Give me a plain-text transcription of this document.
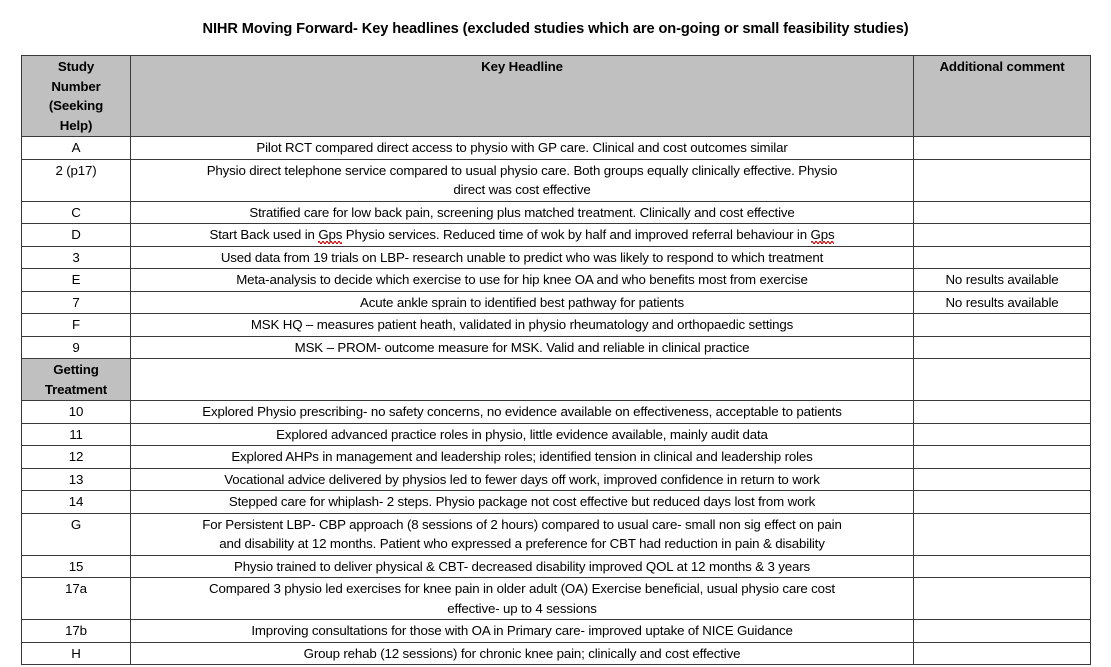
NIHR Moving Forward- Key headlines (excluded studies which are on-going or small feasibility studies)
Study
Number
(Seeking
Help)	Key Headline	Additional comment
A	Pilot RCT compared direct access to physio with GP care. Clinical and cost outcomes similar	
2 (p17)	Physio direct telephone service compared to usual physio care. Both groups equally clinically effective. Physio
direct was cost effective	

C	Stratified care for low back pain, screening plus matched treatment. Clinically and cost effective	
D	Start Back used in Gps Physio services. Reduced time of wok by half and improved referral behaviour in Gps	
3	Used data from 19 trials on LBP- research unable to predict who was likely to respond to which treatment	
E	Meta-analysis to decide which exercise to use for hip knee OA and who benefits most from exercise	No results available
7	Acute ankle sprain to identified best pathway for patients	No results available
F	MSK HQ – measures patient heath, validated in physio rheumatology and orthopaedic settings	
9	MSK – PROM- outcome measure for MSK. Valid and reliable in clinical practice	

Getting
Treatment		

10	Explored Physio prescribing- no safety concerns, no evidence available on effectiveness, acceptable to patients	
11	Explored advanced practice roles in physio, little evidence available, mainly audit data	
12	Explored AHPs in management and leadership roles; identified tension in clinical and leadership roles	
13	Vocational advice delivered by physios led to fewer days off work, improved confidence in return to work	
14	Stepped care for whiplash- 2 steps. Physio package not cost effective but reduced days lost from work	
G	For Persistent LBP- CBP approach (8 sessions of 2 hours) compared to usual care- small non sig effect on pain
and disability at 12 months. Patient who expressed a preference for CBT had reduction in pain & disability	

15	Physio trained to deliver physical & CBT- decreased disability improved QOL at 12 months & 3 years	
17a	Compared 3 physio led exercises for knee pain in older adult (OA) Exercise beneficial, usual physio care cost
effective- up to 4 sessions	

17b	Improving consultations for those with OA in Primary care- improved uptake of NICE Guidance	
H	Group rehab (12 sessions) for chronic knee pain; clinically and cost effective	
